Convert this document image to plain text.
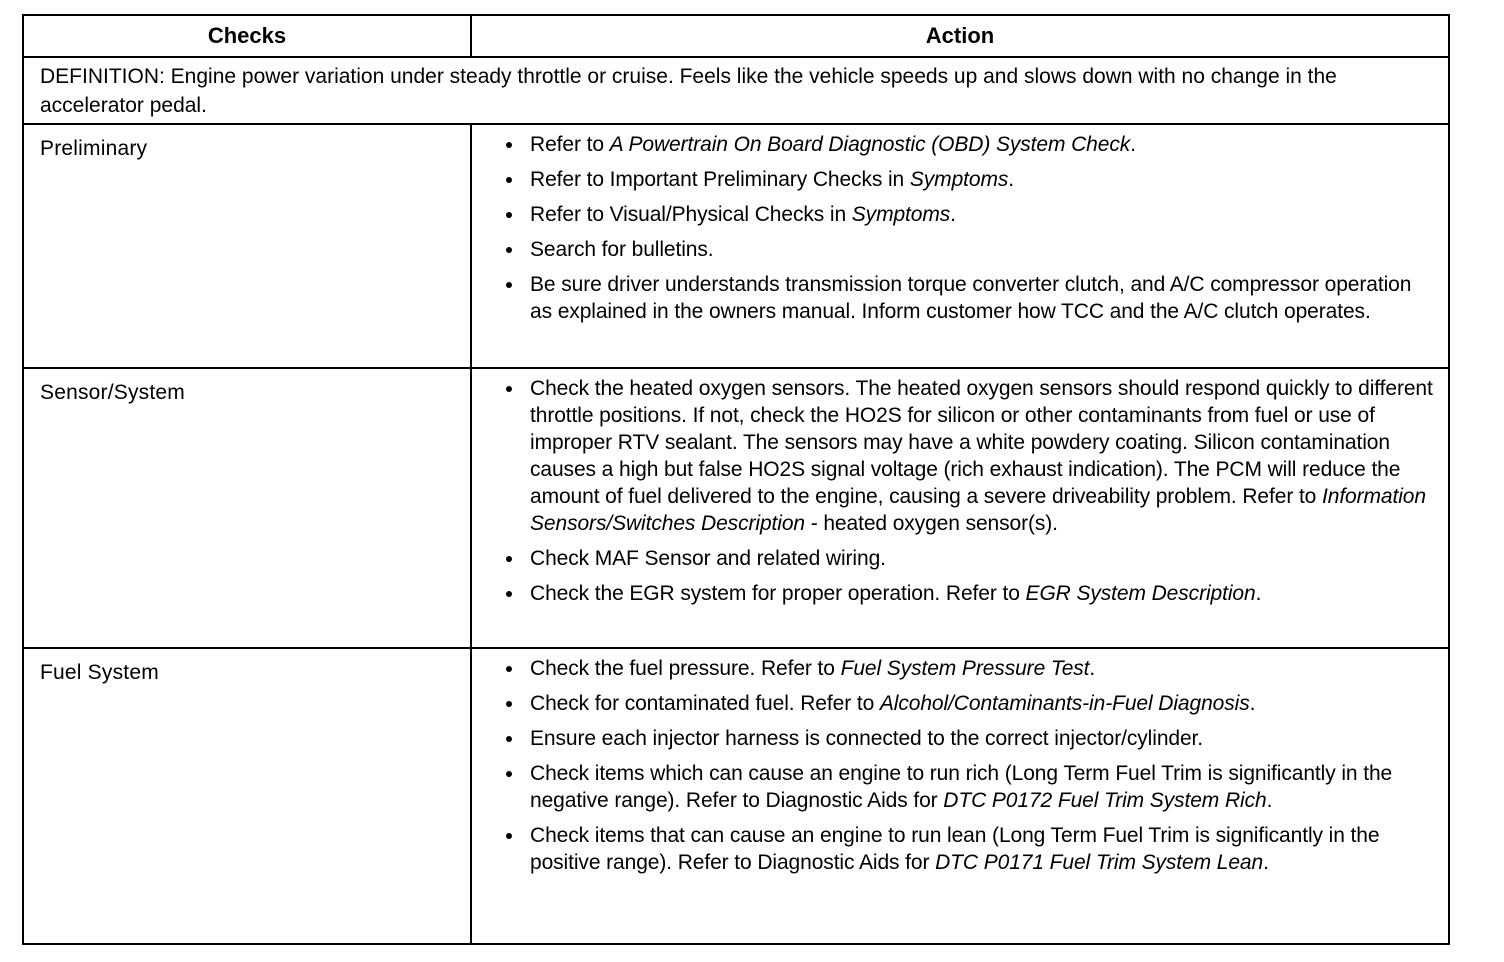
Checks	Action
DEFINITION: Engine power variation under steady throttle or cruise. Feels like the vehicle speeds up and slows down with no change in the accelerator pedal.	
Preliminary	Refer to A Powertrain On Board Diagnostic (OBD) System Check.
Refer to Important Preliminary Checks in Symptoms.
Refer to Visual/Physical Checks in Symptoms.
Search for bulletins.
Be sure driver understands transmission torque converter clutch, and A/C compressor operation as explained in the owners manual. Inform customer how TCC and the A/C clutch operates.

Sensor/System	Check the heated oxygen sensors. The heated oxygen sensors should respond quickly to different throttle positions. If not, check the HO2S for silicon or other contaminants from fuel or use of improper RTV sealant. The sensors may have a white powdery coating. Silicon contamination causes a high but false HO2S signal voltage (rich exhaust indication). The PCM will reduce the amount of fuel delivered to the engine, causing a severe driveability problem. Refer to Information Sensors/Switches Description - heated oxygen sensor(s).
Check MAF Sensor and related wiring.
Check the EGR system for proper operation. Refer to EGR System Description.

Fuel System	Check the fuel pressure. Refer to Fuel System Pressure Test.
Check for contaminated fuel. Refer to Alcohol/Contaminants-in-Fuel Diagnosis.
Ensure each injector harness is connected to the correct injector/cylinder.
Check items which can cause an engine to run rich (Long Term Fuel Trim is significantly in the negative range). Refer to Diagnostic Aids for DTC P0172 Fuel Trim System Rich.
Check items that can cause an engine to run lean (Long Term Fuel Trim is significantly in the positive range). Refer to Diagnostic Aids for DTC P0171 Fuel Trim System Lean.
